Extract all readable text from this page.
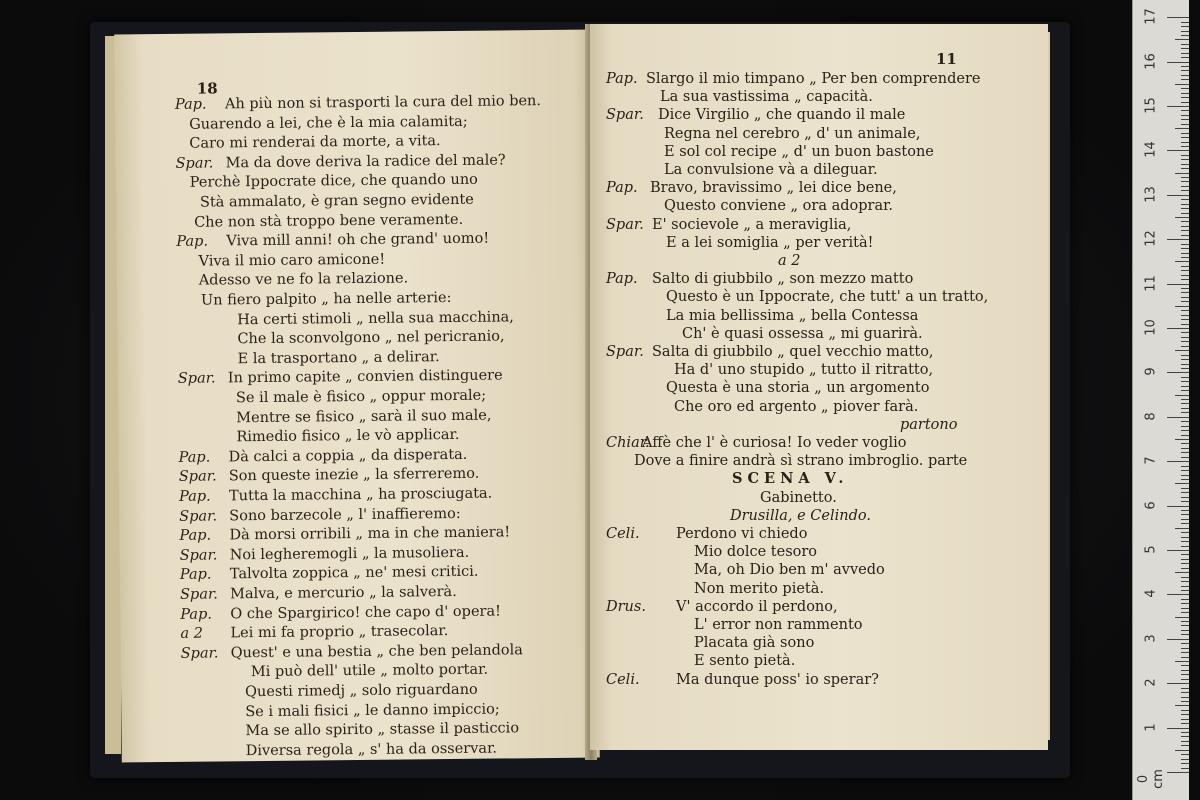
18
Pap. Ah più non si trasporti la cura del mio ben.
Guarendo a lei, che è la mia calamita;
Caro mi renderai da morte, a vita.
Spar. Ma da dove deriva la radice del male?
Perchè Ippocrate dice, che quando uno
Stà ammalato, è gran segno evidente
Che non stà troppo bene veramente.
Pap. Viva mill anni! oh che grand' uomo!
Viva il mio caro amicone!
Adesso ve ne fo la relazione.
Un fiero palpito „ ha nelle arterie:
Ha certi stimoli „ nella sua macchina,
Che la sconvolgono „ nel pericranio,
E la trasportano „ a delirar.
Spar. In primo capite „ convien distinguere
Se il male è fisico „ oppur morale;
Mentre se fisico „ sarà il suo male,
Rimedio fisico „ le vò applicar.
Pap. Dà calci a coppia „ da disperata.
Spar. Son queste inezie „ la sferreremo.
Pap. Tutta la macchina „ ha prosciugata.
Spar. Sono barzecole „ l' inaffieremo:
Pap. Dà morsi orribili „ ma in che maniera!
Spar. Noi legheremogli „ la musoliera.
Pap. Talvolta zoppica „ ne' mesi critici.
Spar. Malva, e mercurio „ la salverà.
Pap. O che Spargirico! che capo d' opera!
a 2 Lei mi fa proprio „ trasecolar.
Spar. Quest' e una bestia „ che ben pelandola
Mi può dell' utile „ molto portar.
Questi rimedj „ solo riguardano
Se i mali fisici „ le danno impiccio;
Ma se allo spirito „ stasse il pasticcio
Diversa regola „ s' ha da osservar.
11
Pap. Slargo il mio timpano „ Per ben comprendere
La sua vastissima „ capacità.
Spar. Dice Virgilio „ che quando il male
Regna nel cerebro „ d' un animale,
E sol col recipe „ d' un buon bastone
La convulsione và a dileguar.
Pap. Bravo, bravissimo „ lei dice bene,
Questo conviene „ ora adoprar.
Spar. E' socievole „ a meraviglia,
E a lei somiglia „ per verità!
a 2
Pap. Salto di giubbilo „ son mezzo matto
Questo è un Ippocrate, che tutt' a un tratto,
La mia bellissima „ bella Contessa
Ch' è quasi ossessa „ mi guarirà.
Spar. Salta di giubbilo „ quel vecchio matto,
Ha d' uno stupido „ tutto il ritratto,
Questa è una storia „ un argomento
Che oro ed argento „ piover farà.
partono
Chiar.
Affè che l' è curiosa! Io veder voglio
Dove a finire andrà sì strano imbroglio. parte
SCENA V.
Gabinetto.
Drusilla, e Celindo.
Celi.	Perdono vi chiedo
Mio dolce tesoro
Ma, oh Dio ben m' avvedo
Non merito pietà.
Drus. V' accordo il perdono,
L' error non rammento
Placata già sono
E sento pietà.
Celi.	Ma dunque poss' io sperar?
17
16
15
14
13
12
11
10
9
8
7
6
5
4
3
2
1
0 cm
